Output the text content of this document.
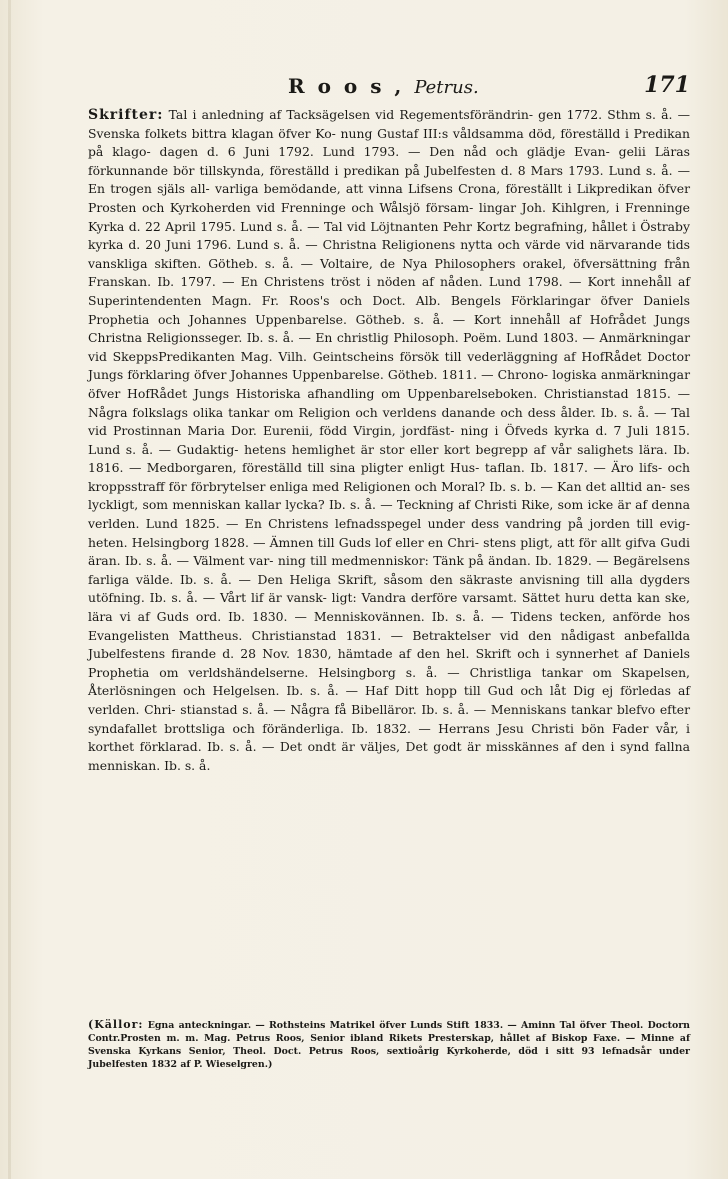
R o o s , Petrus.	171

Skrifter: Tal i anledning af Tacksägelsen vid Regementsförändrin- gen 1772. Sthm s. å. — Svenska folkets bittra klagan öfver Ko- nung Gustaf III:s våldsamma död, föreställd i Predikan på klago- dagen d. 6 Juni 1792. Lund 1793. — Den nåd och glädje Evan- gelii Läras förkunnande bör tillskynda, föreställd i predikan på Jubelfesten d. 8 Mars 1793. Lund s. å. — En trogen själs all- varliga bemödande, att vinna Lifsens Crona, föreställt i Likpredikan öfver Prosten och Kyrkoherden vid Frenninge och Wålsjö försam- lingar Joh. Kihlgren, i Frenninge Kyrka d. 22 April 1795. Lund s. å. — Tal vid Löjtnanten Pehr Kortz begrafning, hållet i Östraby kyrka d. 20 Juni 1796. Lund s. å. — Christna Religionens nytta och värde vid närvarande tids vanskliga skiften. Götheb. s. å. — Voltaire, de Nya Philosophers orakel, öfversättning från Franskan. Ib. 1797. — En Christens tröst i nöden af nåden. Lund 1798. — Kort innehåll af Superintendenten Magn. Fr. Roos's och Doct. Alb. Bengels Förklaringar öfver Daniels Prophetia och Johannes Uppenbarelse. Götheb. s. å. — Kort innehåll af Hofrådet Jungs Christna Religionsseger. Ib. s. å. — En christlig Philosoph. Poëm. Lund 1803. — Anmärkningar vid SkeppsPredikanten Mag. Vilh. Geintscheins försök till vederläggning af HofRådet Doctor Jungs förklaring öfver Johannes Uppenbarelse. Götheb. 1811. — Chrono- logiska anmärkningar öfver HofRådet Jungs Historiska afhandling om Uppenbarelseboken. Christianstad 1815. — Några folkslags olika tankar om Religion och verldens danande och dess ålder. Ib. s. å. — Tal vid Prostinnan Maria Dor. Eurenii, född Virgin, jordfäst- ning i Öfveds kyrka d. 7 Juli 1815. Lund s. å. — Gudaktig- hetens hemlighet är stor eller kort begrepp af vår salighets lära. Ib. 1816. — Medborgaren, föreställd till sina pligter enligt Hus- taflan. Ib. 1817. — Äro lifs- och kroppsstraff för förbrytelser enliga med Religionen och Moral? Ib. s. b. — Kan det alltid an- ses lyckligt, som menniskan kallar lycka? Ib. s. å. — Teckning af Christi Rike, som icke är af denna verlden. Lund 1825. — En Christens lefnadsspegel under dess vandring på jorden till evig- heten. Helsingborg 1828. — Ämnen till Guds lof eller en Chri- stens pligt, att för allt gifva Gudi äran. Ib. s. å. — Välment var- ning till medmenniskor: Tänk på ändan. Ib. 1829. — Begärelsens farliga välde. Ib. s. å. — Den Heliga Skrift, såsom den säkraste anvisning till alla dygders utöfning. Ib. s. å. — Vårt lif är vansk- ligt: Vandra derföre varsamt. Sättet huru detta kan ske, lära vi af Guds ord. Ib. 1830. — Menniskovännen. Ib. s. å. — Tidens tecken, anförde hos Evangelisten Mattheus. Christianstad 1831. — Betraktelser vid den nådigast anbefallda Jubelfestens firande d. 28 Nov. 1830, hämtade af den hel. Skrift och i synnerhet af Daniels Prophetia om verldshändelserne. Helsingborg s. å. — Christliga tankar om Skapelsen, Återlösningen och Helgelsen. Ib. s. å. — Haf Ditt hopp till Gud och låt Dig ej förledas af verlden. Chri- stianstad s. å. — Några få Bibelläror. Ib. s. å. — Menniskans tankar blefvo efter syndafallet brottsliga och föränderliga. Ib. 1832. — Herrans Jesu Christi bön Fader vår, i korthet förklarad. Ib. s. å. — Det ondt är väljes, Det godt är misskännes af den i synd fallna menniskan. Ib. s. å.

(Källor: Egna anteckningar. — Rothsteins Matrikel öfver Lunds Stift 1833. — Aminn Tal öfver Theol. Doctorn Contr.Prosten m. m. Mag. Petrus Roos, Senior ibland Rikets Presterskap, hållet af Biskop Faxe. — Minne af Svenska Kyrkans Senior, Theol. Doct. Petrus Roos, sextioårig Kyrkoherde, död i sitt 93 lefnadsår under Jubelfesten 1832 af P. Wieselgren.)
